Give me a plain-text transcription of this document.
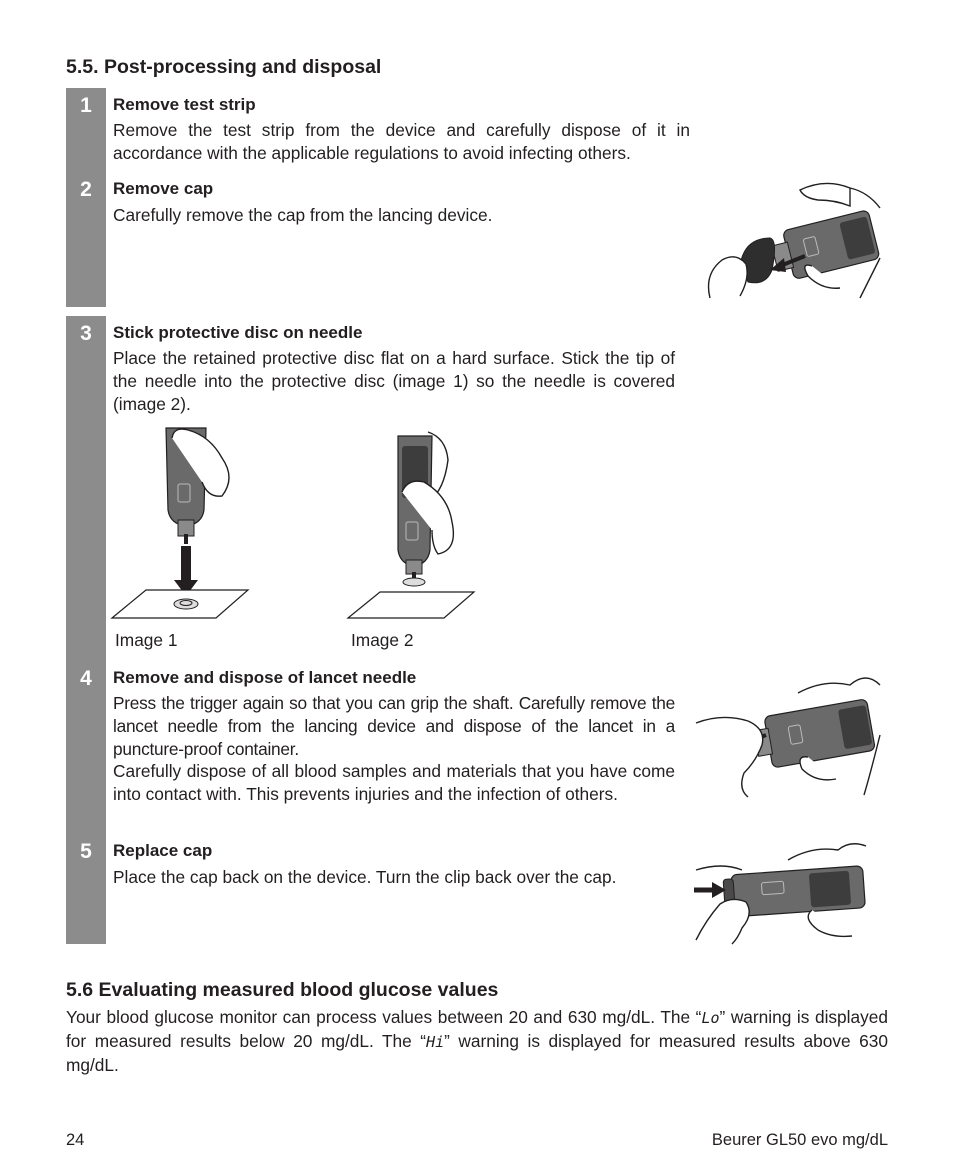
5.5. Post-processing and disposal
1	Remove test strip
Remove the test strip from the device and carefully dispose of it in accordance with the applicable regulations to avoid infecting others.
2	Remove cap
Carefully remove the cap from the lancing device.
3	Stick protective disc on needle
Place the retained protective disc flat on a hard surface. Stick the tip of the needle into the protective disc (image 1) so the needle is covered (image 2).
Image 1	Image 2
4	Remove and dispose of lancet needle
Press the trigger again so that you can grip the shaft. Carefully remove the lancet needle from the lancing device and dispose of the lancet in a puncture-proof container.
Carefully dispose of all blood samples and materials that you have come into contact with. This prevents injuries and the infection of others.
5	Replace cap
Place the cap back on the device. Turn the clip back over the cap.
5.6 Evaluating measured blood glucose values
Your blood glucose monitor can process values between 20 and 630 mg/dL. The “Lo” warning is displayed for measured results below 20 mg/dL. The “Hi” warning is displayed for measured results above 630 mg/dL.
24	Beurer GL50 evo mg/dL
